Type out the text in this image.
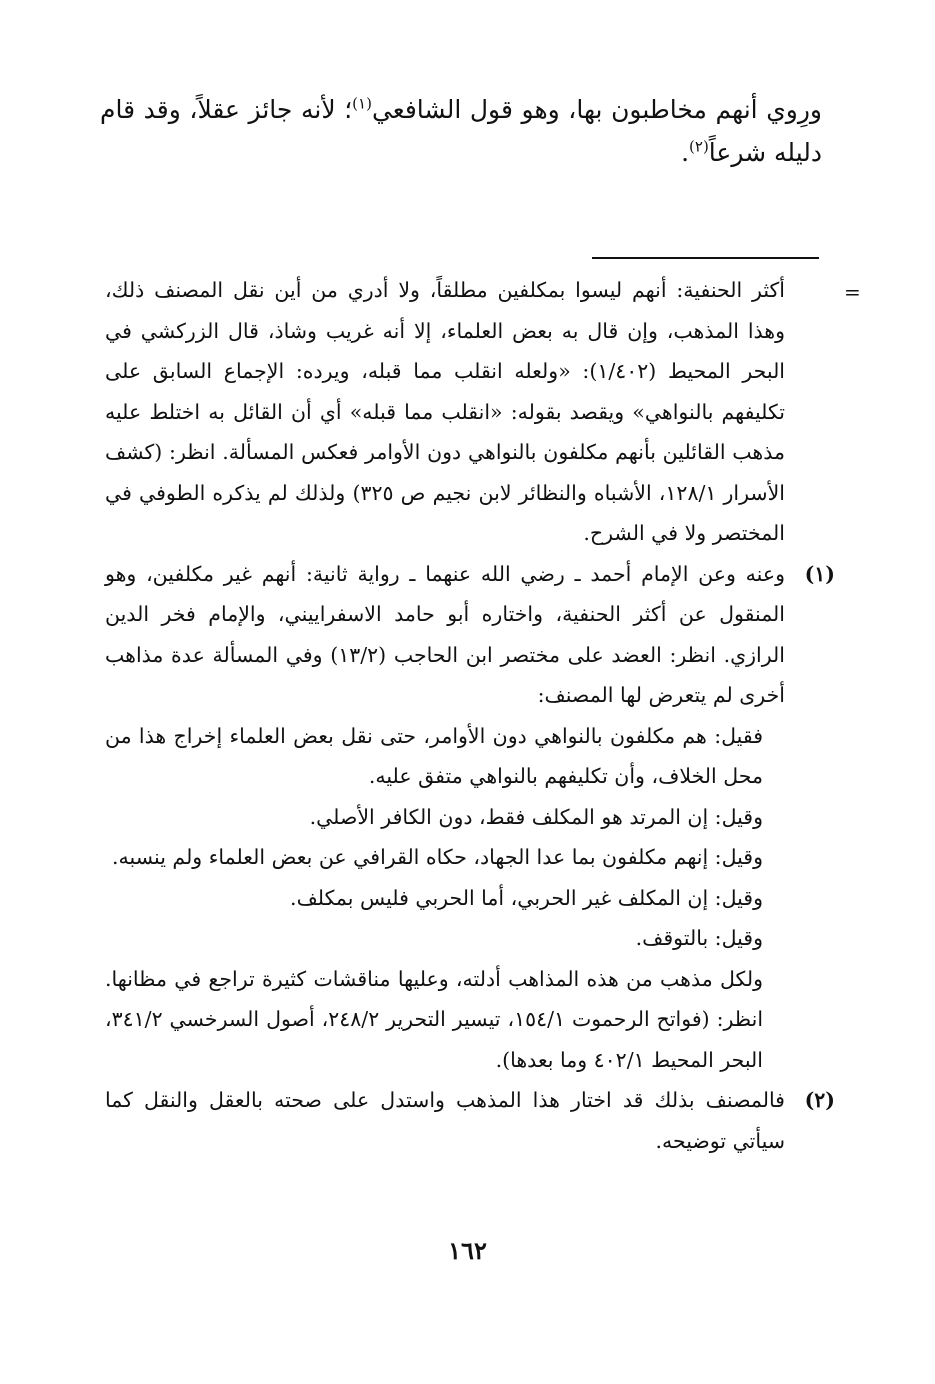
ورِوي أنهم مخاطبون بها، وهو قول الشافعي$^{(١)}$؛ لأنه جائز عقلاً، وقد قام دليله شرعاً$^{(٢)}$.
=

أكثر الحنفية: أنهم ليسوا بمكلفين مطلقاً، ولا أدري من أين نقل المصنف ذلك، وهذا المذهب، وإن قال به بعض العلماء، إلا أنه غريب وشاذ، قال الزركشي في البحر المحيط (١/٤٠٢): «ولعله انقلب مما قبله، ويرده: الإجماع السابق على تكليفهم بالنواهي» ويقصد بقوله: «انقلب مما قبله» أي أن القائل به اختلط عليه مذهب القائلين بأنهم مكلفون بالنواهي دون الأوامر فعكس المسألة. انظر: (كشف الأسرار ١٢٨/١، الأشباه والنظائر لابن نجيم ص ٣٢٥) ولذلك لم يذكره الطوفي في المختصر ولا في الشرح.

(١)

وعنه وعن الإمام أحمد ـ رضي الله عنهما ـ رواية ثانية: أنهم غير مكلفين، وهو المنقول عن أكثر الحنفية، واختاره أبو حامد الاسفراييني، والإمام فخر الدين الرازي. انظر: العضد على مختصر ابن الحاجب (١٣/٢) وفي المسألة عدة مذاهب أخرى لم يتعرض لها المصنف:

فقيل: هم مكلفون بالنواهي دون الأوامر، حتى نقل بعض العلماء إخراج هذا من محل الخلاف، وأن تكليفهم بالنواهي متفق عليه.

وقيل: إن المرتد هو المكلف فقط، دون الكافر الأصلي.

وقيل: إنهم مكلفون بما عدا الجهاد، حكاه القرافي عن بعض العلماء ولم ينسبه.

وقيل: إن المكلف غير الحربي، أما الحربي فليس بمكلف.

وقيل: بالتوقف.

ولكل مذهب من هذه المذاهب أدلته، وعليها مناقشات كثيرة تراجع في مظانها. انظر: (فواتح الرحموت ١٥٤/١، تيسير التحرير ٢٤٨/٢، أصول السرخسي ٣٤١/٢، البحر المحيط ٤٠٢/١ وما بعدها).

(٢)

فالمصنف بذلك قد اختار هذا المذهب واستدل على صحته بالعقل والنقل كما سيأتي توضيحه.

١٦٢
